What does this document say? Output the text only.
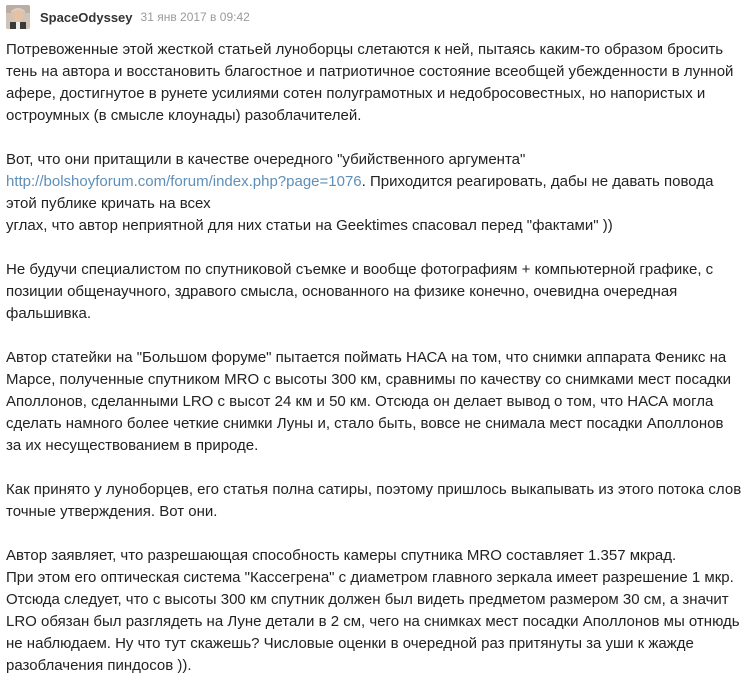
SpaceOdyssey 31 янв 2017 в 09:42

Потревоженные этой жесткой статьей луноборцы слетаются к ней, пытаясь каким-то образом бросить
тень на автора и восстановить благостное и патриотичное состояние всеобщей убежденности в лунной
афере, достигнутое в рунете усилиями сотен полуграмотных и недобросовестных, но напористых и
остроумных (в смысле клоунады) разоблачителей.

Вот, что они притащили в качестве очередного "убийственного аргумента"
http://bolshoyforum.com/forum/index.php?page=1076. Приходится реагировать, дабы не давать повода
этой публике кричать на всех
углах, что автор неприятной для них статьи на Geektimes спасовал перед "фактами" ))

Не будучи специалистом по спутниковой съемке и вообще фотографиям + компьютерной графике, с
позиции общенаучного, здравого смысла, основанного на физике конечно, очевидна очередная
фальшивка.

Автор статейки на "Большом форуме" пытается поймать НАСА на том, что снимки аппарата Феникс на
Марсе, полученные спутником MRO с высоты 300 км, сравнимы по качеству со снимками мест посадки
Аполлонов, сделанными LRO с высот 24 км и 50 км. Отсюда он делает вывод о том, что НАСА могла
сделать намного более четкие снимки Луны и, стало быть, вовсе не снимала мест посадки Аполлонов
за их несуществованием в природе.

Как принято у луноборцев, его статья полна сатиры, поэтому пришлось выкапывать из этого потока слов
точные утверждения. Вот они.

Автор заявляет, что разрешающая способность камеры спутника MRO составляет 1.357 мкрад.
При этом его оптическая система "Кассегрена" с диаметром главного зеркала имеет разрешение 1 мкр.
Отсюда следует, что с высоты 300 км спутник должен был видеть предметом размером 30 см, а значит
LRO обязан был разглядеть на Луне детали в 2 см, чего на снимках мест посадки Аполлонов мы отнюдь
не наблюдаем. Ну что тут скажешь? Числовые оценки в очередной раз притянуты за уши к жажде
разоблачения пиндосов )).
